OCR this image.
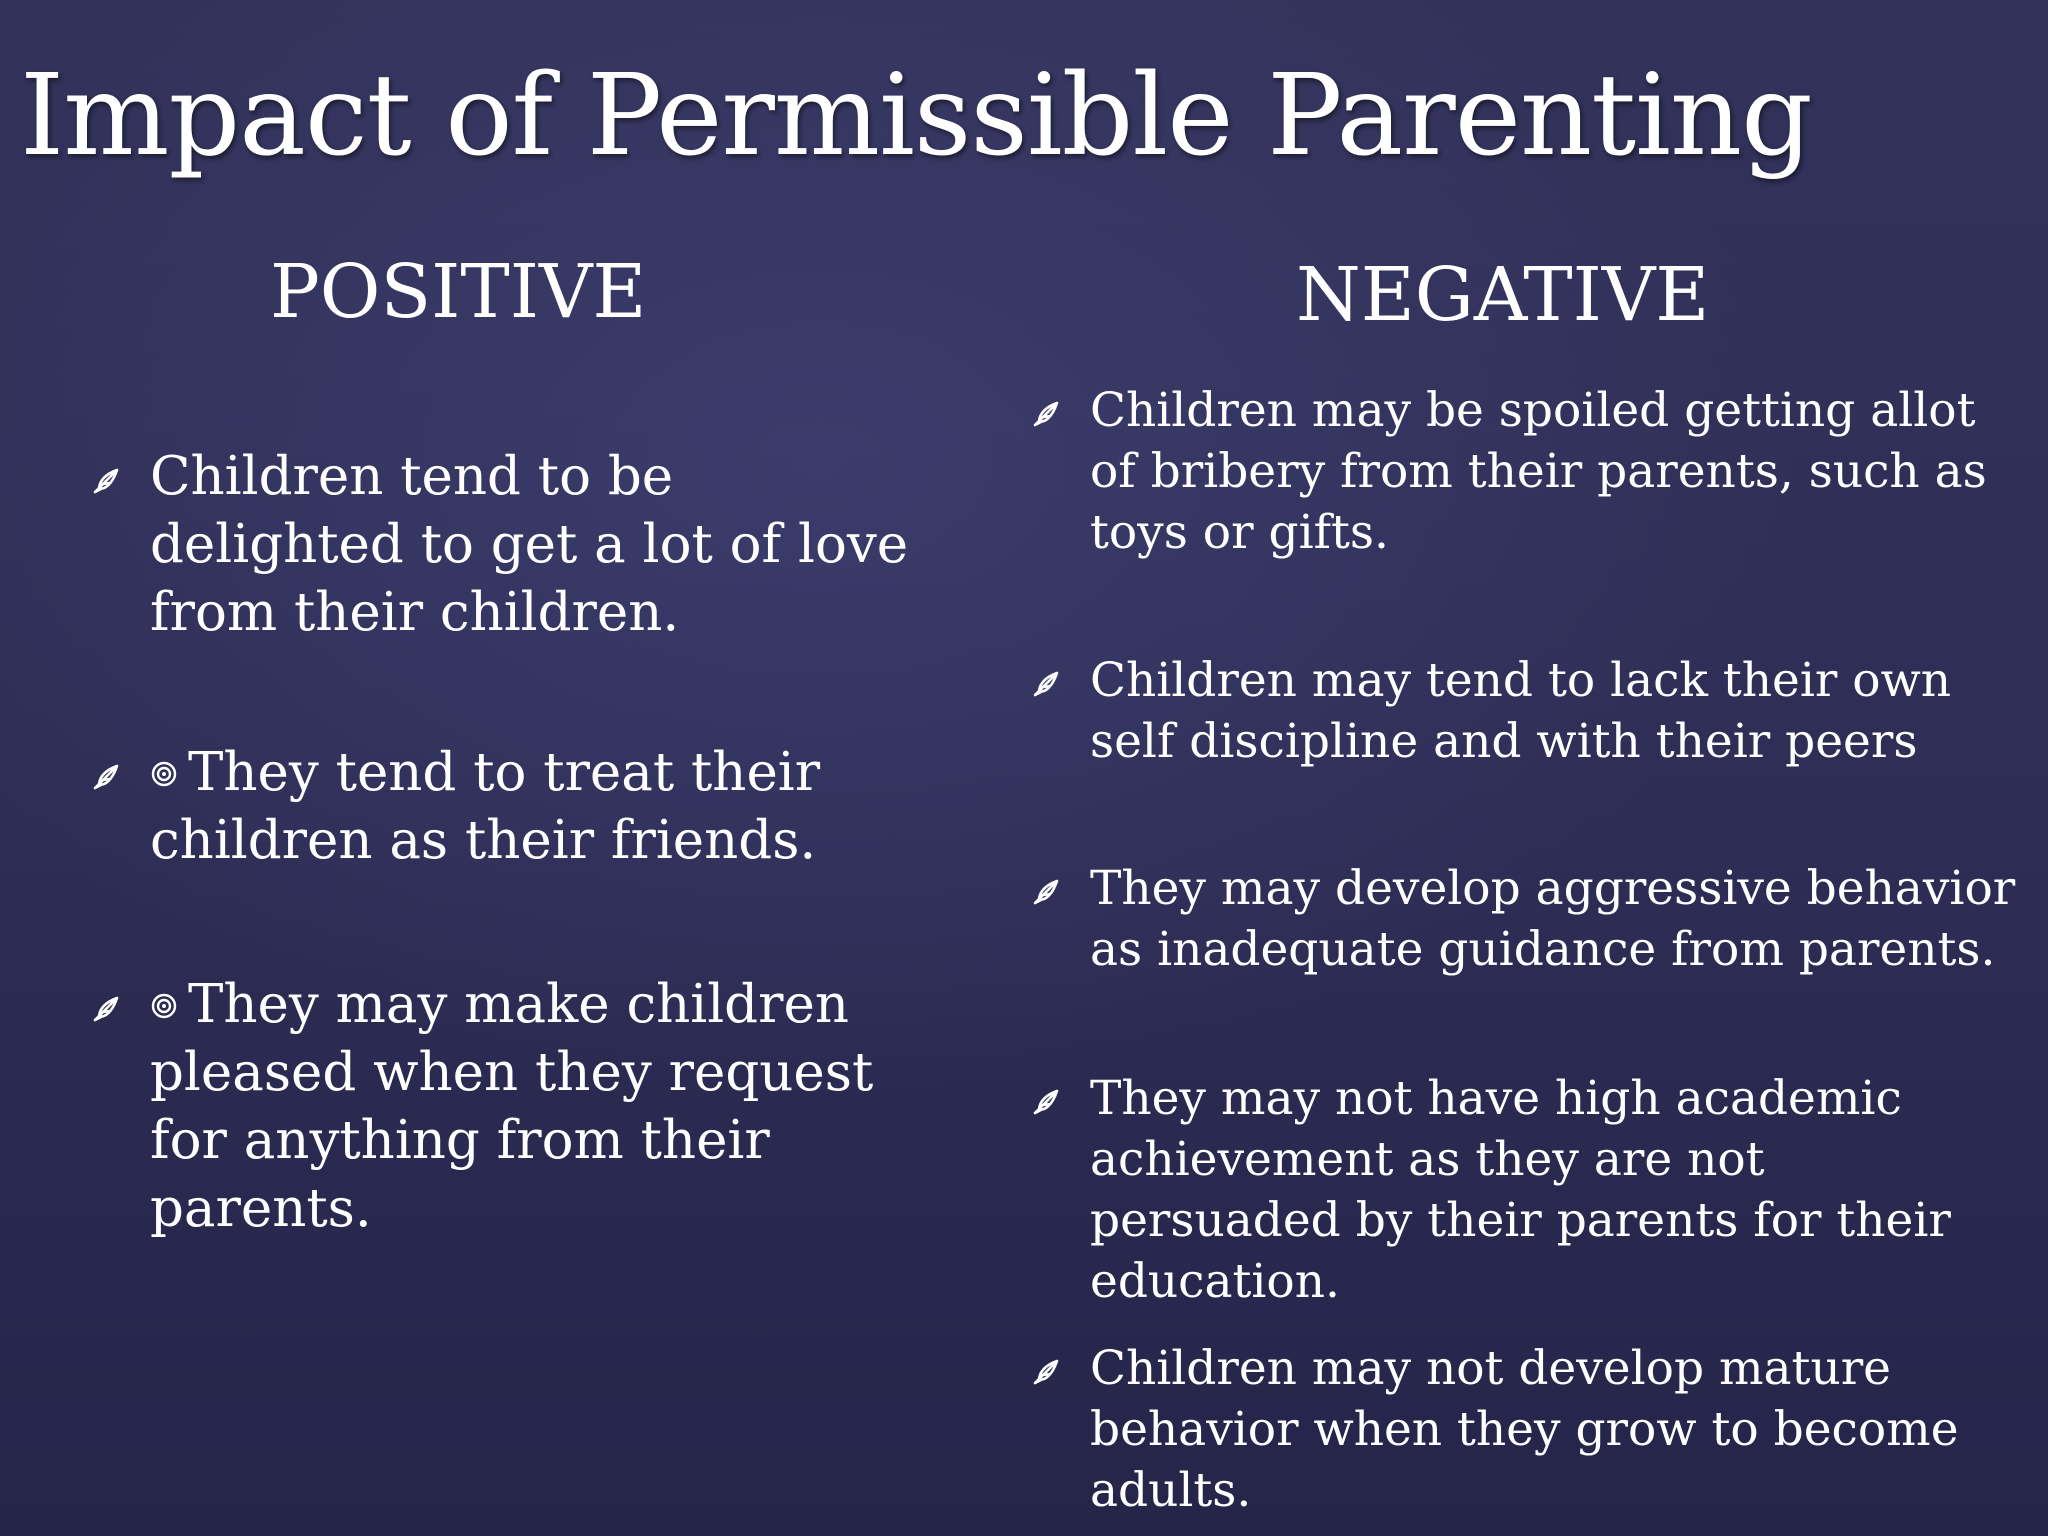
Impact of Permissible Parenting
POSITIVE	NEGATIVE
Children tend to be delighted to get a lot of love from their children.
They tend to treat their children as their friends.
They may make children pleased when they request for anything from their parents.
Children may be spoiled getting allot of bribery from their parents, such as toys or gifts.
Children may tend to lack their own self discipline and with their peers
They may develop aggressive behavior as inadequate guidance from parents.
They may not have high academic achievement as they are not persuaded by their parents for their education.
Children may not develop mature behavior when they grow to become adults.
